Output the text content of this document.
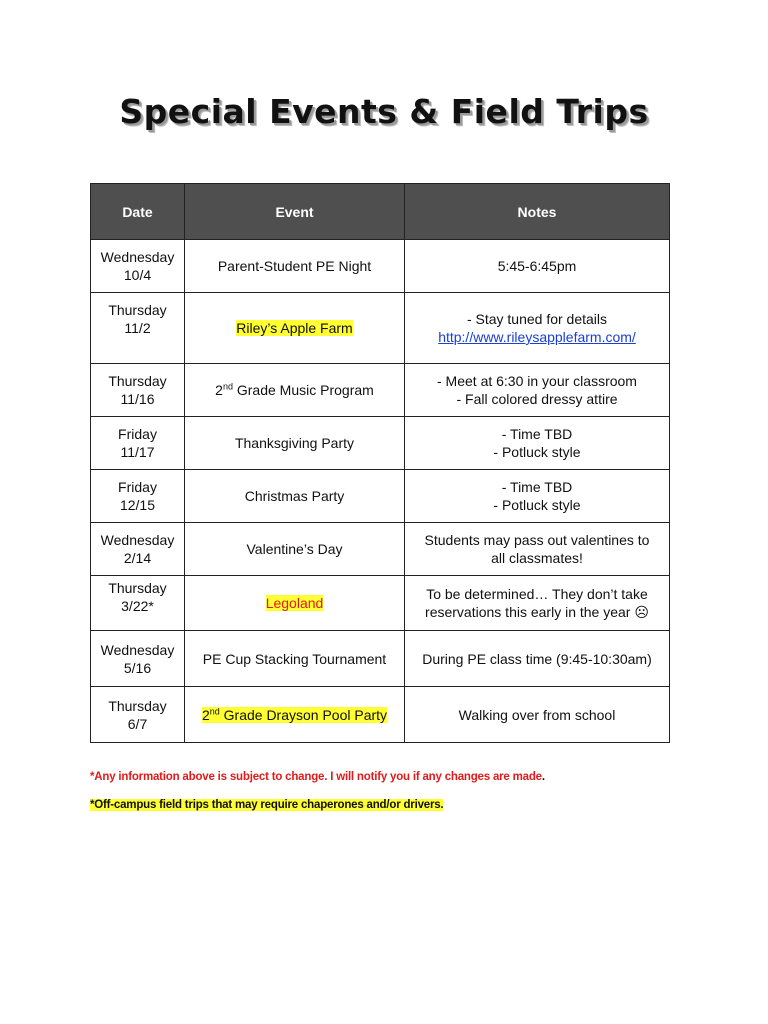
Special Events & Field Trips
Date	Event	Notes

Wednesday
10/4	Parent-Student PE Night	5:45-6:45pm

Thursday
11/2	Riley’s Apple Farm	- Stay tuned for details
http://www.rileysapplefarm.com/

Thursday
11/16	2nd Grade Music Program	- Meet at 6:30 in your classroom
- Fall colored dressy attire

Friday
11/17	Thanksgiving Party	- Time TBD
- Potluck style

Friday
12/15	Christmas Party	- Time TBD
- Potluck style

Wednesday
2/14	Valentine’s Day	Students may pass out valentines to
all classmates!

Thursday
3/22*	Legoland	To be determined… They don’t take
reservations this early in the year ☹

Wednesday
5/16	PE Cup Stacking Tournament	During PE class time (9:45-10:30am)

Thursday
6/7	2nd Grade Drayson Pool Party	Walking over from school
*Any information above is subject to change. I will notify you if any changes are made.
*Off-campus field trips that may require chaperones and/or drivers.
